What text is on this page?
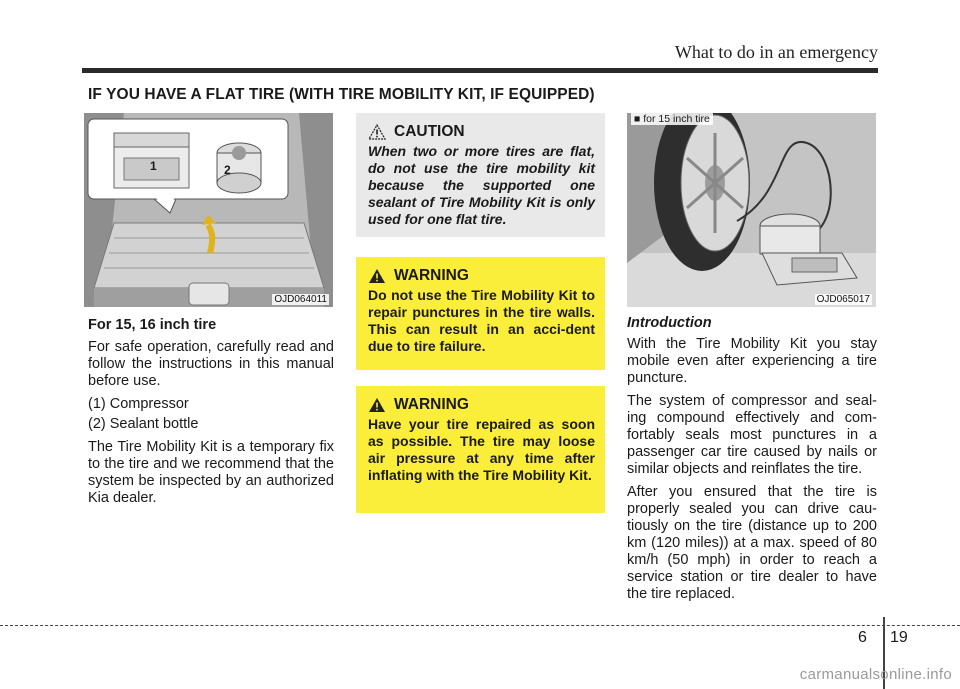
What to do in an emergency
IF YOU HAVE A FLAT TIRE (WITH TIRE MOBILITY KIT, IF EQUIPPED)
1	2
OJD064011

For 15, 16 inch tire

For safe operation, carefully read and follow the instructions in this manual before use.

(1) Compressor

(2) Sealant bottle

The Tire Mobility Kit is a temporary fix to the tire and we recommend that the system be inspected by an authorized Kia dealer.

CAUTION
When two or more tires are flat, do not use the tire mobility kit because the supported one sealant of Tire Mobility Kit is only used for one flat tire.
WARNING
Do not use the Tire Mobility Kit to repair punctures in the tire walls. This can result in an acci-dent due to tire failure.
WARNING
Have your tire repaired as soon as possible. The tire may loose air pressure at any time after inflating with the Tire Mobility Kit.
■ for 15 inch tire
OJD065017

Introduction

With the Tire Mobility Kit you stay mobile even after experiencing a tire puncture.

The system of compressor and seal-ing compound effectively and com-fortably seals most punctures in a passenger car tire caused by nails or similar objects and reinflates the tire.

After you ensured that the tire is properly sealed you can drive cau-tiously on the tire (distance up to 200 km (120 miles)) at a max. speed of 80 km/h (50 mph) in order to reach a service station or tire dealer to have the tire replaced.

6 19
carmanualsonline.info
